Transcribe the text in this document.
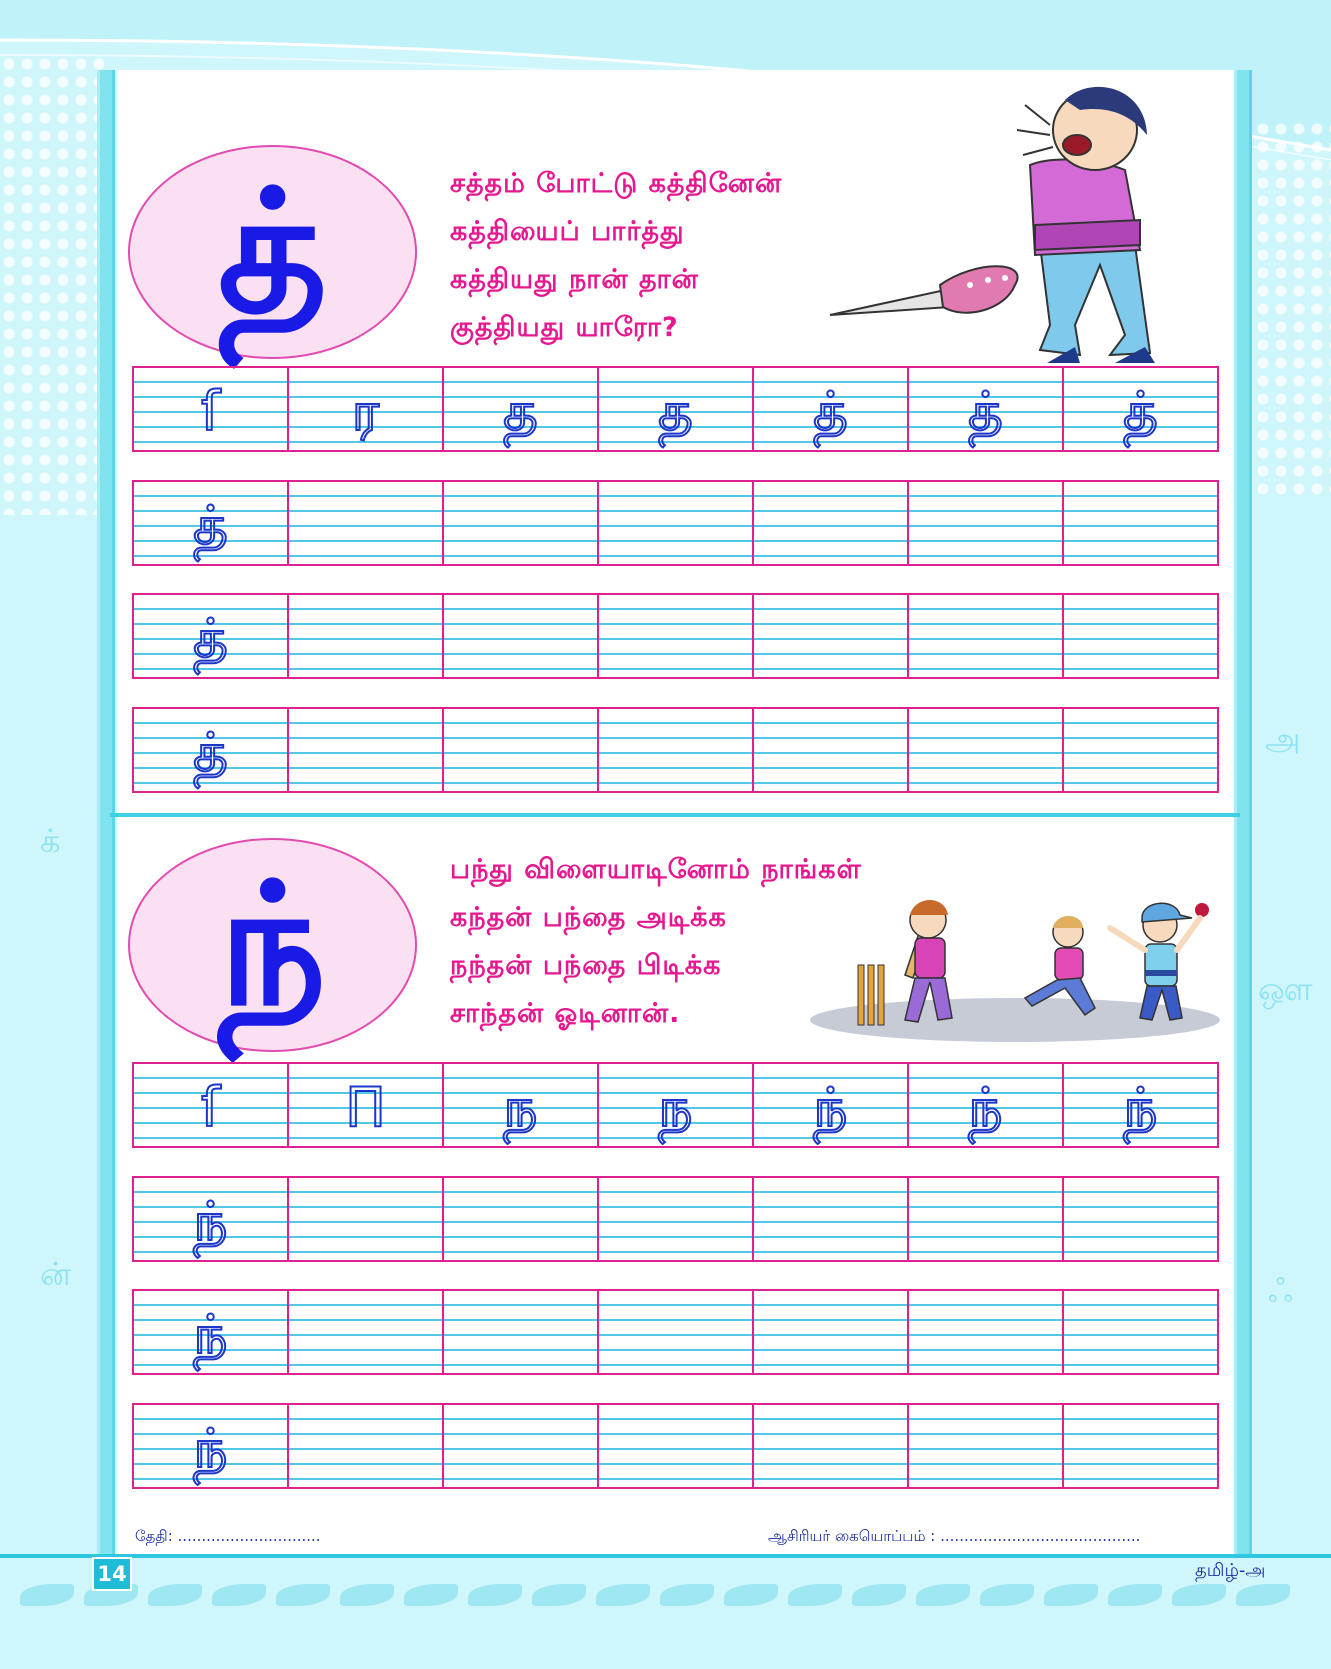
அ
ஔ
ஃ
க்
ன்
த்	சத்தம் போட்டு கத்தினேன்
கத்தியைப் பார்த்து
கத்தியது நான் தான்
குத்தியது யாரோ?
ſ ர த த த் த் த்
த்
த்
த்
ந்	பந்து விளையாடினோம் நாங்கள்
கந்தன் பந்தை அடிக்க
நந்தன் பந்தை பிடிக்க
சாந்தன் ஓடினான்.
ſ Π ந ந ந் ந் ந்
ந்
ந்
ந்
தேதி: ..............................	ஆசிரியர் கையொப்பம் : ..........................................
14	தமிழ்-அ
